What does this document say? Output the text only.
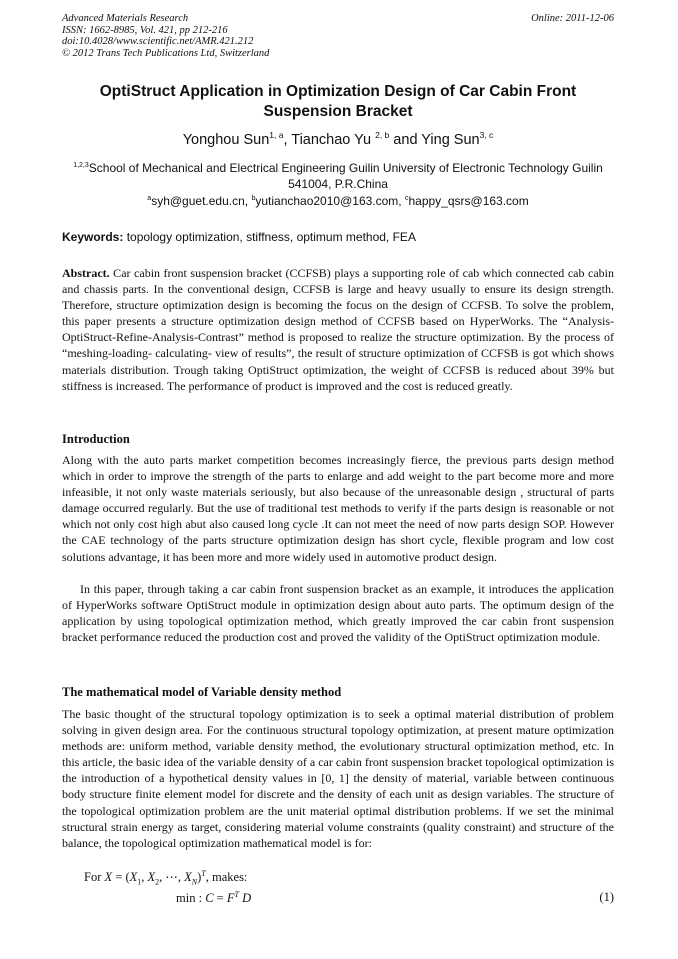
Advanced Materials Research
ISSN: 1662-8985, Vol. 421, pp 212-216
doi:10.4028/www.scientific.net/AMR.421.212
© 2012 Trans Tech Publications Ltd, Switzerland
Online: 2011-12-06
OptiStruct Application in Optimization Design of Car Cabin Front Suspension Bracket
Yonghou Sun$^{1, a}$, Tianchao Yu $^{2, b}$ and Ying Sun$^{3, c}$
$^{1,2,3}$School of Mechanical and Electrical Engineering Guilin University of Electronic Technology Guilin 541004, P.R.China
$^a$syh@guet.edu.cn, $^b$yutianchao2010@163.com, $^c$happy_qsrs@163.com
Keywords: topology optimization, stiffness, optimum method, FEA
Abstract. Car cabin front suspension bracket (CCFSB) plays a supporting role of cab which connected cab cabin and chassis parts. In the conventional design, CCFSB is large and heavy usually to ensure its design strength. Therefore, structure optimization design is becoming the focus on the design of CCFSB. To solve the problem, this paper presents a structure optimization design method of CCFSB based on HyperWorks. The “Analysis-OptiStruct-Refine-Analysis-Contrast” method is proposed to realize the structure optimization. By the process of “meshing-loading- calculating- view of results”, the result of structure optimization of CCFSB is got which shows materials distribution. Trough taking OptiStruct optimization, the weight of CCFSB is reduced about 39% but stiffness is increased. The performance of product is improved and the cost is reduced greatly.
Introduction
Along with the auto parts market competition becomes increasingly fierce, the previous parts design method which in order to improve the strength of the parts to enlarge and add weight to the part become more and more infeasible, it not only waste materials seriously, but also because of the unreasonable design , structural of parts damage occurred regularly. But the use of traditional test methods to verify if the parts design is reasonable or not which not only cost high abut also caused long cycle .It can not meet the need of now parts design SOP. However the CAE technology of the parts structure optimization design has short cycle, flexible program and low cost solutions advantage, it has been more and more widely used in automotive product design.
In this paper, through taking a car cabin front suspension bracket as an example, it introduces the application of HyperWorks software OptiStruct module in optimization design about auto parts. The optimum design of the application by using topological optimization method, which greatly improved the car cabin front suspension bracket performance reduced the production cost and proved the validity of the OptiStruct optimization module.
The mathematical model of Variable density method
The basic thought of the structural topology optimization is to seek a optimal material distribution of problem solving in given design area. For the continuous structural topology optimization, at present mature optimization methods are: uniform method, variable density method, the evolutionary structural optimization method, etc. In this article, the basic idea of the variable density of a car cabin front suspension bracket topological optimization is the introduction of a hypothetical density values in [0, 1] the density of material, variable between continuous body structure finite element model for discrete and the density of each unit as design variables. The structure of the topological optimization problem are the unit material optimal distribution problems. If we set the minimal structural strain energy as target, considering material volume constraints (quality constraint) and structure of the balance, the topological optimization mathematical model is for:
For $X = (X_1$, $X_2$, ⋯, $X_N)^T$, makes:
min : $C = F^T$ D	(1)
